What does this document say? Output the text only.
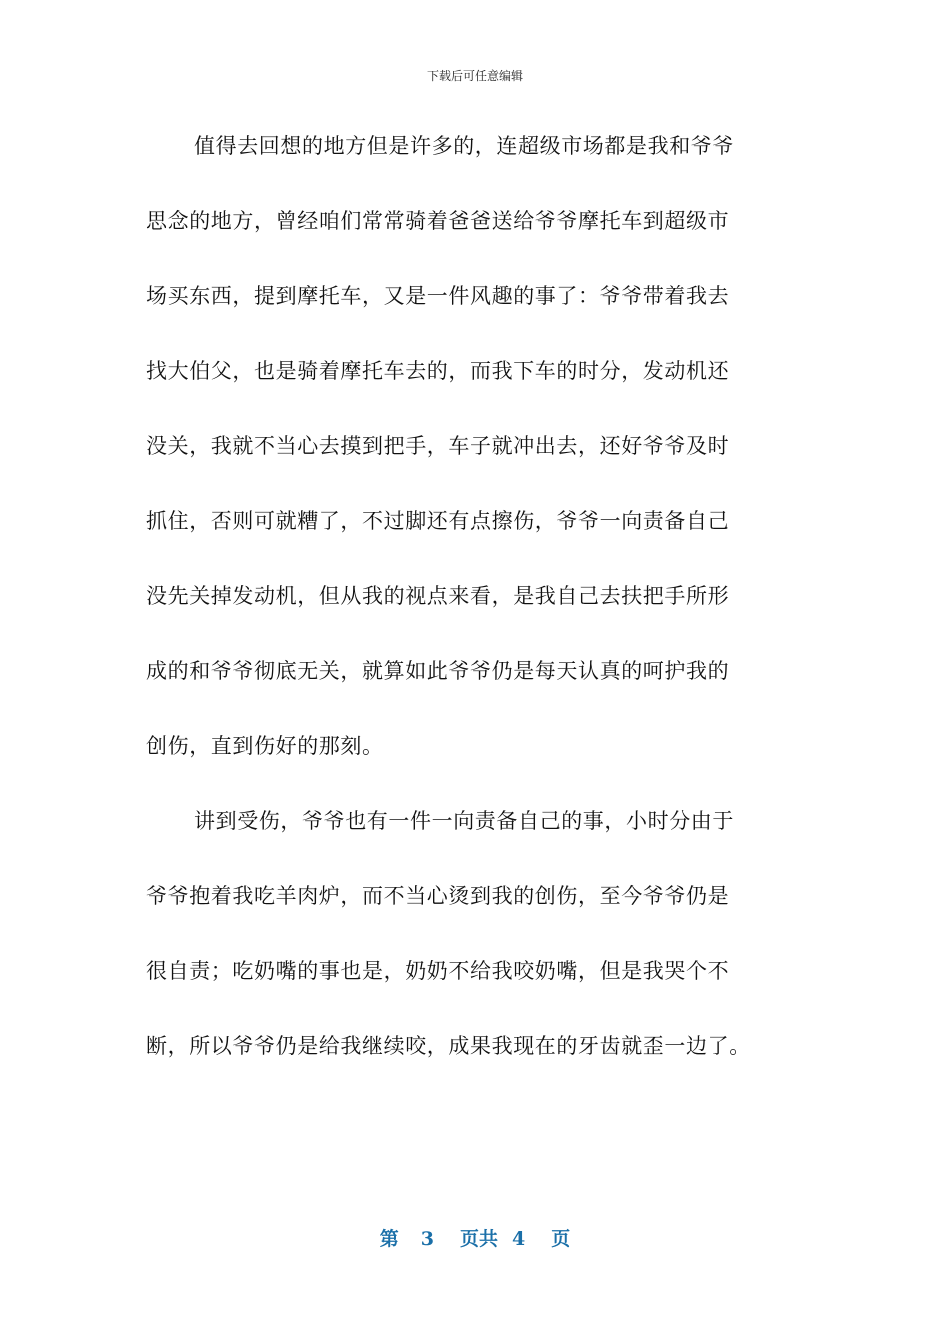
下载后可任意编辑
值得去回想的地方但是许多的，连超级市场都是我和爷爷
思念的地方，曾经咱们常常骑着爸爸送给爷爷摩托车到超级市
场买东西，提到摩托车，又是一件风趣的事了：爷爷带着我去
找大伯父，也是骑着摩托车去的，而我下车的时分，发动机还
没关，我就不当心去摸到把手，车子就冲出去，还好爷爷及时
抓住，否则可就糟了，不过脚还有点擦伤，爷爷一向责备自己
没先关掉发动机，但从我的视点来看，是我自己去扶把手所形
成的和爷爷彻底无关，就算如此爷爷仍是每天认真的呵护我的
创伤，直到伤好的那刻。
讲到受伤，爷爷也有一件一向责备自己的事，小时分由于
爷爷抱着我吃羊肉炉，而不当心烫到我的创伤，至今爷爷仍是
很自责；吃奶嘴的事也是，奶奶不给我咬奶嘴，但是我哭个不
断，所以爷爷仍是给我继续咬，成果我现在的牙齿就歪一边了。
第 3 页共 4 页
